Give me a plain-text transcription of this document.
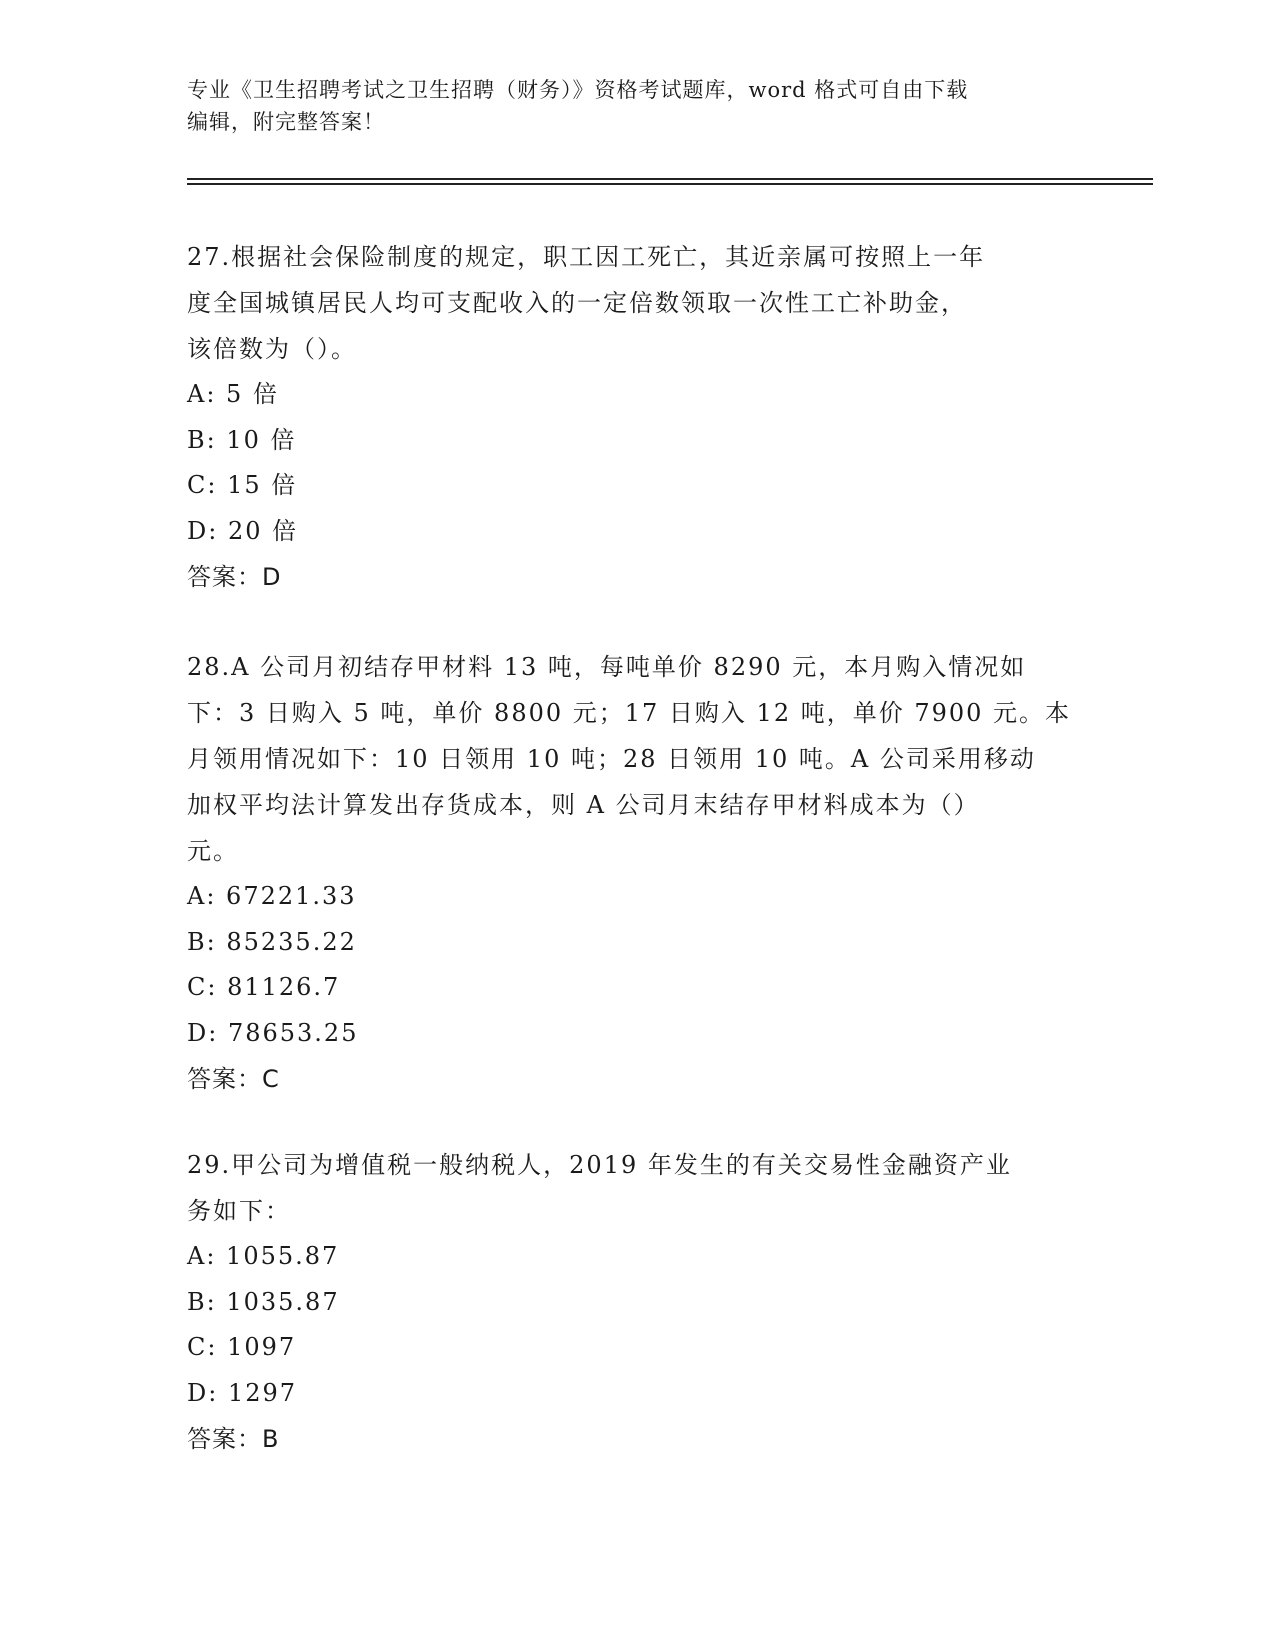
专业《卫生招聘考试之卫生招聘（财务）》资格考试题库，word 格式可自由下载
编辑，附完整答案！
27.根据社会保险制度的规定，职工因工死亡，其近亲属可按照上一年
度全国城镇居民人均可支配收入的一定倍数领取一次性工亡补助金，
该倍数为（）。
A: 5 倍
B: 10 倍
C: 15 倍
D: 20 倍
答案：D
28.A 公司月初结存甲材料 13 吨，每吨单价 8290 元，本月购入情况如
下：3 日购入 5 吨，单价 8800 元；17 日购入 12 吨，单价 7900 元。本
月领用情况如下：10 日领用 10 吨；28 日领用 10 吨。A 公司采用移动
加权平均法计算发出存货成本，则 A 公司月末结存甲材料成本为（）
元。
A: 67221.33
B: 85235.22
C: 81126.7
D: 78653.25
答案：C
29.甲公司为增值税一般纳税人，2019 年发生的有关交易性金融资产业
务如下：
A: 1055.87
B: 1035.87
C: 1097
D: 1297
答案：B
